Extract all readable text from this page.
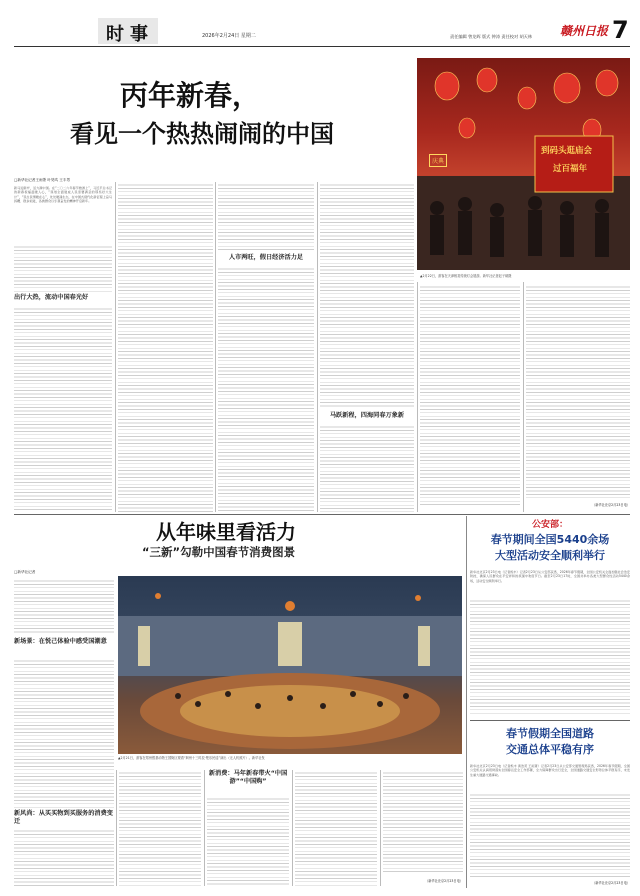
时事	2026年2月24日 星期二	赣州日报
责任编辑 曾龙晖 版式 钟涛 责任校对 胡天林	7
丙年新春，
看见一个热热闹闹的中国
到码头逛庙会
过百福年
庆典
▲2月22日，游客在天津相赏传统灯会展游。新华社记者赵子硕摄
□新华社记者王雨萧 叶昊鸣 王丰男
新马迎新岁，活力满中国。在“二〇二六年春节旅游上”，习近平总书记的新春祝福温暖人心，“谋划全面建成人民需要满意的那些好大生计”，“民生民情暖在心”，处处暖涌生态，在中国式现代化新征程上奋马扬鞭、稳步前进，各族群众以乐观奋发的精神开启新年。
出行大热，流动中国春光好
人市两旺，假日经济活力足
马跃新程，四海同春万象新
（新华社北京2月23日电）
从年味里看活力
“三新”勾勒中国春节消费图景
□新华社记者
新场景：在悦己体验中感受国潮意
新风尚：从买买物到买服务的消费变迁
▲2月21日，游客在郑州银基动物王国街区观看“荆州十三时辰·楚乐民谣”演出（无人机照片）。新华社发
新消费：马年新春带火“中国游”“中国购”
（新华社北京2月23日电）
公安部：
春节期间全国5440余场
大型活动安全顺利举行
新华社北京2月23日电（记者熊丰）记者2月23日从公安部获悉，2026年春节假期，全国公安机关全面加强社会治安防控，确保人民群众在平安祥和的氛围中欢度节日。截至2月23日17时，全国共举办各类大型群众性活动5440余场，活动安全顺利举行。
春节假期全国道路
交通总体平稳有序
新华社北京2月23日电（记者熊丰 黄浩苑 王雨萧）记者2月23日从公安部交通管理局获悉，2026年春节假期，全国公安机关认真贯彻落实全国春运安全工作部署，全力保障群众出行安全，全国道路交通安全形势总体平稳有序，未发生重大道路交通事故。
（新华社北京2月23日电）
